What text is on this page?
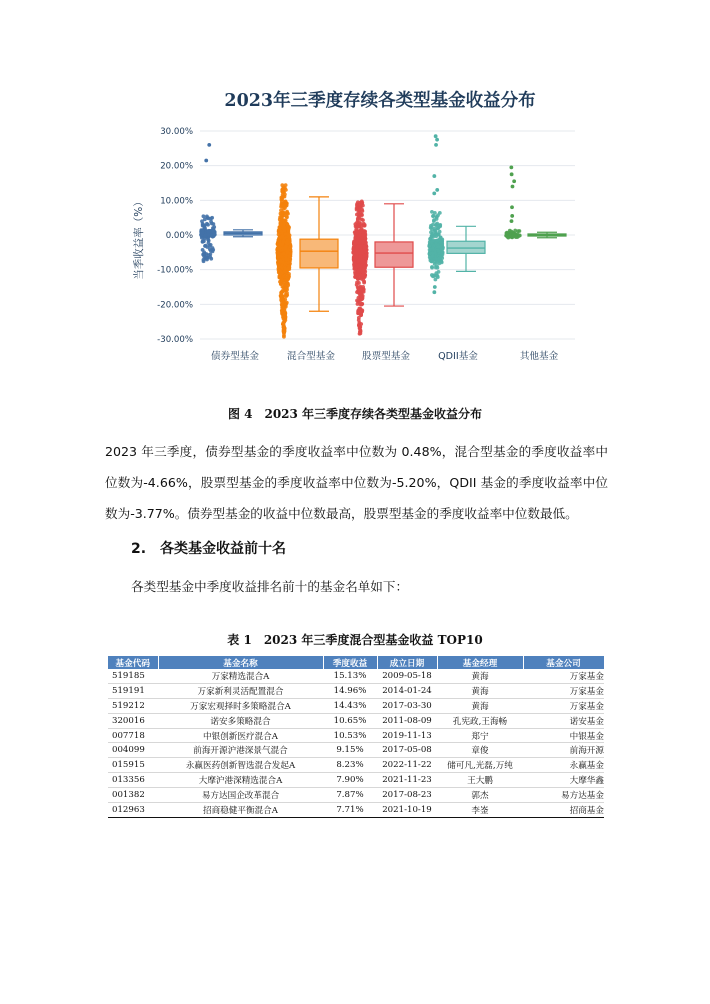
2023年三季度存续各类型基金收益分布
当季收益率（%）
30.00%
20.00%
10.00%
0.00%
-10.00%
-20.00%
-30.00%
债券型基金	混合型基金	股票型基金	QDII基金	其他基金
图 4　2023 年三季度存续各类型基金收益分布
2023 年三季度，债券型基金的季度收益率中位数为 0.48%，混合型基金的季度收益率中位数为-4.66%，股票型基金的季度收益率中位数为-5.20%，QDII 基金的季度收益率中位数为-3.77%。债券型基金的收益中位数最高，股票型基金的季度收益率中位数最低。
2.　各类基金收益前十名
各类型基金中季度收益排名前十的基金名单如下：
表 1　2023 年三季度混合型基金收益 TOP10
基金代码	基金名称	季度收益	成立日期	基金经理	基金公司
519185	万家精选混合A	15.13%	2009-05-18	黄海	万家基金
519191	万家新利灵活配置混合	14.96%	2014-01-24	黄海	万家基金
519212	万家宏观择时多策略混合A	14.43%	2017-03-30	黄海	万家基金
320016	诺安多策略混合	10.65%	2011-08-09	孔宪政,王海畅	诺安基金
007718	中银创新医疗混合A	10.53%	2019-11-13	郑宁	中银基金
004099	前海开源沪港深景气混合	9.15%	2017-05-08	章俊	前海开源
015915	永赢医药创新智选混合发起A	8.23%	2022-11-22	储可凡,光磊,万纯	永赢基金
013356	大摩沪港深精选混合A	7.90%	2021-11-23	王大鹏	大摩华鑫
001382	易方达国企改革混合	7.87%	2017-08-23	郭杰	易方达基金
012963	招商稳健平衡混合A	7.71%	2021-10-19	李崟	招商基金
